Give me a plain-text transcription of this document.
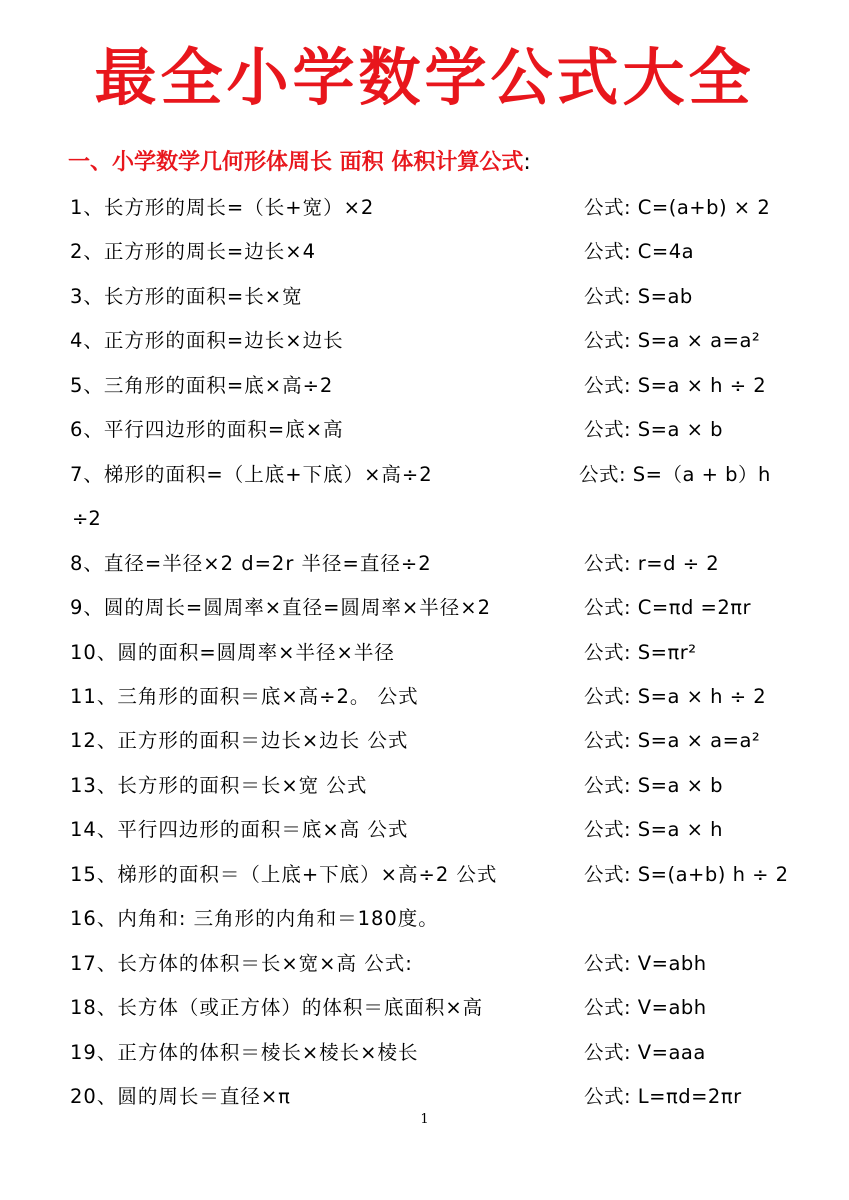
最全小学数学公式大全
一、小学数学几何形体周长 面积 体积计算公式:
1、长方形的周长=（长+宽）×2	公式: C=(a+b) × 2
2、正方形的周长=边长×4	公式: C=4a
3、长方形的面积=长×宽	公式: S=ab
4、正方形的面积=边长×边长	公式: S=a × a=a²
5、三角形的面积=底×高÷2	公式: S=a × h ÷ 2
6、平行四边形的面积=底×高	公式: S=a × b
7、梯形的面积=（上底+下底）×高÷2	公式: S=（a + b）h
÷2
8、直径=半径×2 d=2r 半径=直径÷2	公式: r=d ÷ 2
9、圆的周长=圆周率×直径=圆周率×半径×2	公式: C=πd =2πr
10、圆的面积=圆周率×半径×半径	公式: S=πr²
11、三角形的面积＝底×高÷2。 公式	公式: S=a × h ÷ 2
12、正方形的面积＝边长×边长 公式	公式: S=a × a=a²
13、长方形的面积＝长×宽 公式	公式: S=a × b
14、平行四边形的面积＝底×高 公式	公式: S=a × h
15、梯形的面积＝（上底+下底）×高÷2 公式	公式: S=(a+b) h ÷ 2
16、内角和: 三角形的内角和＝180度。
17、长方体的体积＝长×宽×高 公式:	公式: V=abh
18、长方体（或正方体）的体积＝底面积×高	公式: V=abh
19、正方体的体积＝棱长×棱长×棱长	公式: V=aaa
20、圆的周长＝直径×π	公式: L=πd=2πr
1
